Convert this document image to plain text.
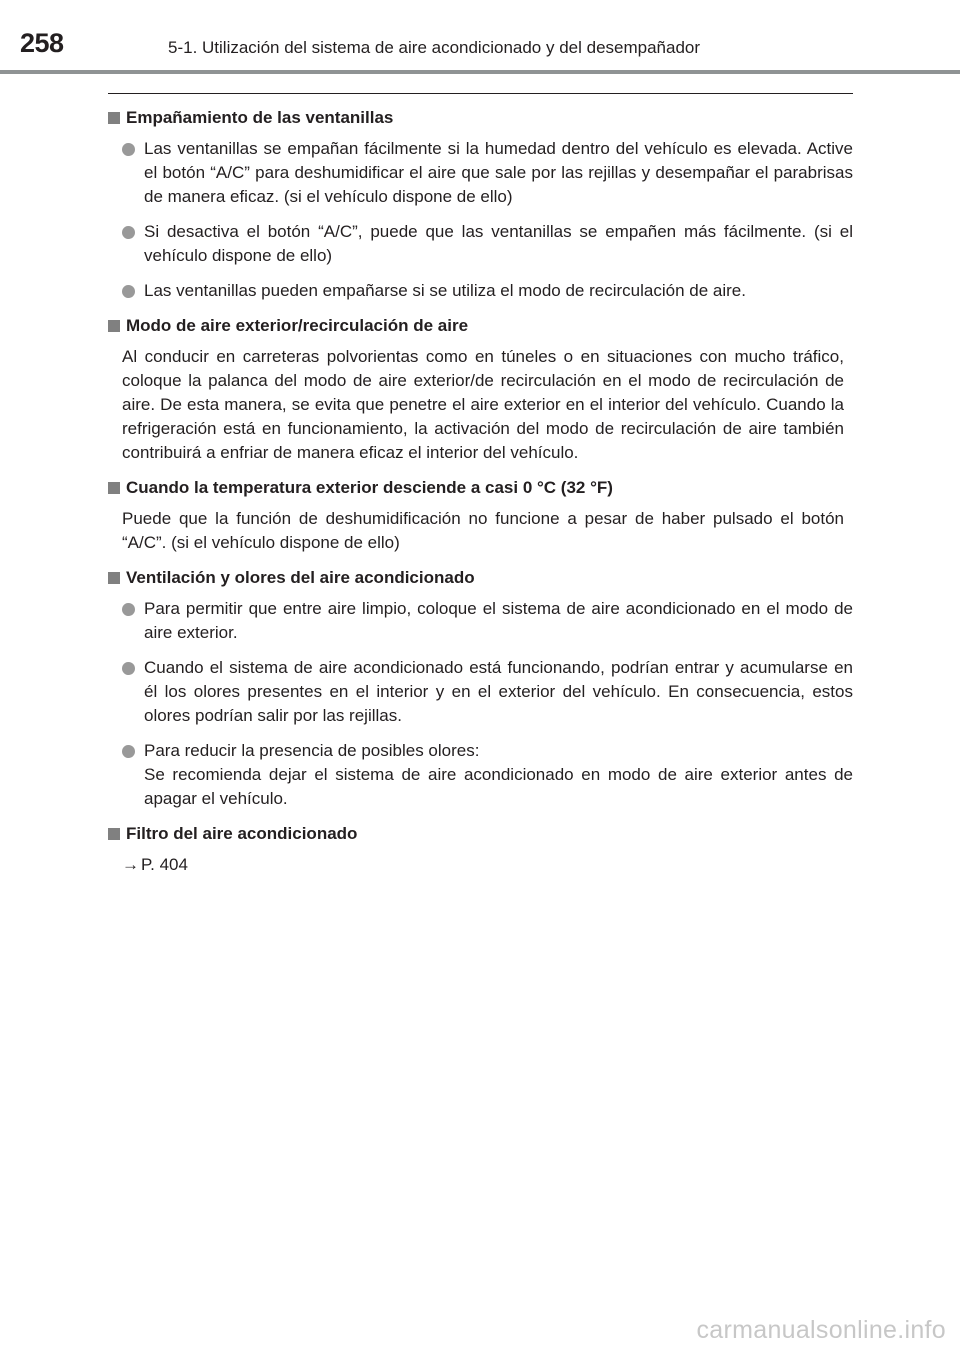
258	5-1. Utilización del sistema de aire acondicionado y del desempañador
Empañamiento de las ventanillas
Las ventanillas se empañan fácilmente si la humedad dentro del vehículo es elevada. Active el botón “A/C” para deshumidificar el aire que sale por las rejillas y desempañar el parabrisas de manera eficaz. (si el vehículo dispone de ello)
Si desactiva el botón “A/C”, puede que las ventanillas se empañen más fácilmente. (si el vehículo dispone de ello)
Las ventanillas pueden empañarse si se utiliza el modo de recirculación de aire.
Modo de aire exterior/recirculación de aire
Al conducir en carreteras polvorientas como en túneles o en situaciones con mucho tráfico, coloque la palanca del modo de aire exterior/de recirculación en el modo de recirculación de aire. De esta manera, se evita que penetre el aire exterior en el interior del vehículo. Cuando la refrigeración está en funcionamiento, la activación del modo de recirculación de aire también contribuirá a enfriar de manera eficaz el interior del vehículo.
Cuando la temperatura exterior desciende a casi 0 °C (32 °F)
Puede que la función de deshumidificación no funcione a pesar de haber pulsado el botón “A/C”. (si el vehículo dispone de ello)
Ventilación y olores del aire acondicionado
Para permitir que entre aire limpio, coloque el sistema de aire acondicionado en el modo de aire exterior.
Cuando el sistema de aire acondicionado está funcionando, podrían entrar y acumularse en él los olores presentes en el interior y en el exterior del vehículo. En consecuencia, estos olores podrían salir por las rejillas.
Para reducir la presencia de posibles olores:
Se recomienda dejar el sistema de aire acondicionado en modo de aire exterior antes de apagar el vehículo.
Filtro del aire acondicionado
→ P. 404
carmanualsonline.info
